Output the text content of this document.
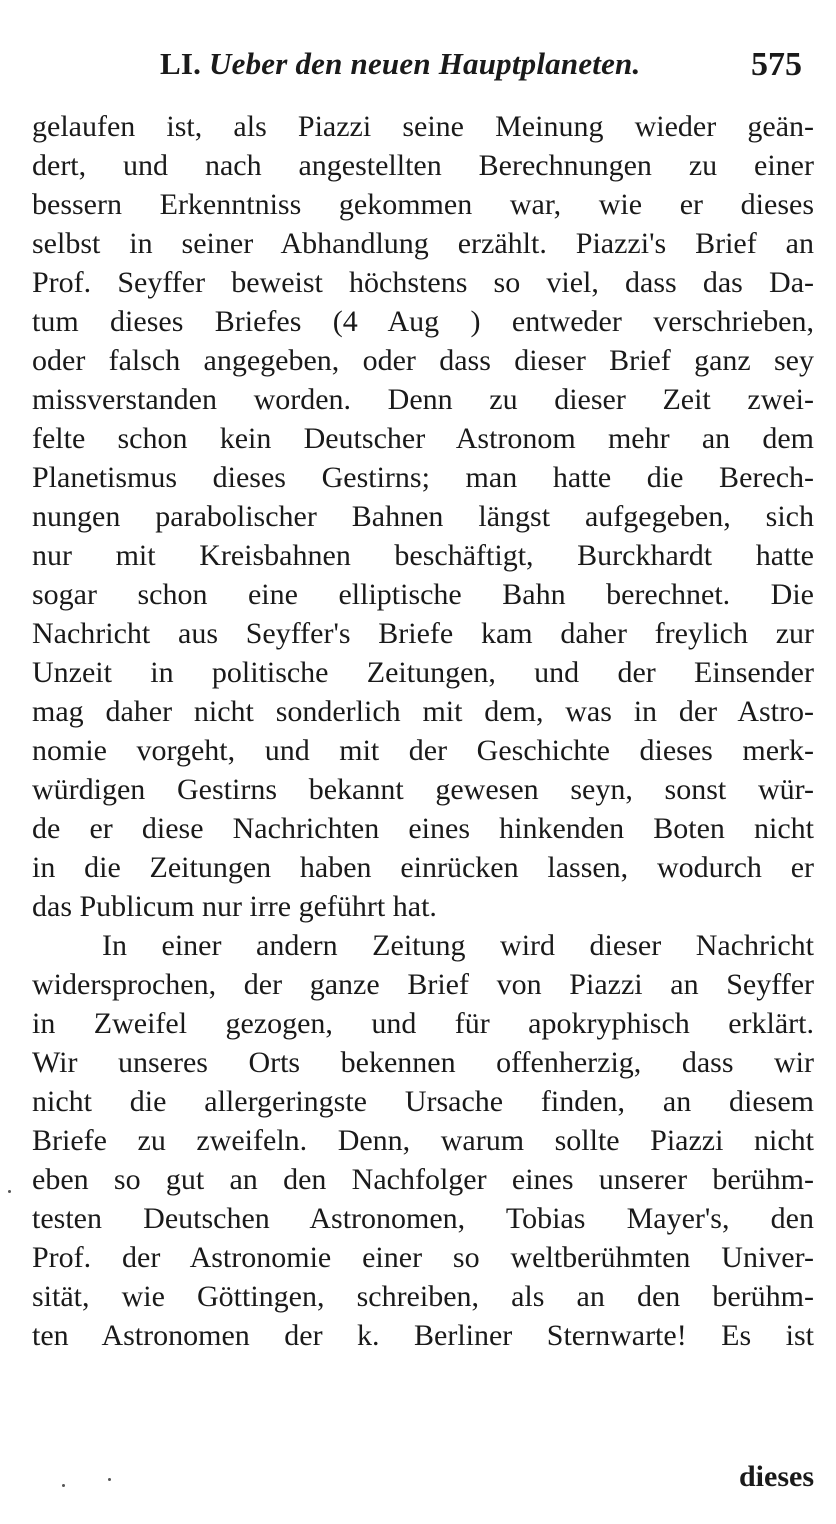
LI. Ueber den neuen Hauptplaneten.	575
gelaufen ist, als Piazzi seine Meinung wieder geän-
dert, und nach angestellten Berechnungen zu einer
bessern Erkenntniss gekommen war, wie er dieses
selbst in seiner Abhandlung erzählt. Piazzi's Brief an
Prof. Seyffer beweist höchstens so viel, dass das Da-
tum dieses Briefes (4 Aug ) entweder verschrieben,
oder falsch angegeben, oder dass dieser Brief ganz sey
missverstanden worden. Denn zu dieser Zeit zwei-
felte schon kein Deutscher Astronom mehr an dem
Planetismus dieses Gestirns; man hatte die Berech-
nungen parabolischer Bahnen längst aufgegeben, sich
nur mit Kreisbahnen beschäftigt, Burckhardt hatte
sogar schon eine elliptische Bahn berechnet. Die
Nachricht aus Seyffer's Briefe kam daher freylich zur
Unzeit in politische Zeitungen, und der Einsender
mag daher nicht sonderlich mit dem, was in der Astro-
nomie vorgeht, und mit der Geschichte dieses merk-
würdigen Gestirns bekannt gewesen seyn, sonst wür-
de er diese Nachrichten eines hinkenden Boten nicht
in die Zeitungen haben einrücken lassen, wodurch er
das Publicum nur irre geführt hat.
In einer andern Zeitung wird dieser Nachricht
widersprochen, der ganze Brief von Piazzi an Seyffer
in Zweifel gezogen, und für apokryphisch erklärt.
Wir unseres Orts bekennen offenherzig, dass wir
nicht die allergeringste Ursache finden, an diesem
Briefe zu zweifeln. Denn, warum sollte Piazzi nicht
eben so gut an den Nachfolger eines unserer berühm-
testen Deutschen Astronomen, Tobias Mayer's, den
Prof. der Astronomie einer so weltberühmten Univer-
sität, wie Göttingen, schreiben, als an den berühm-
ten Astronomen der k. Berliner Sternwarte! Es ist
dieses
